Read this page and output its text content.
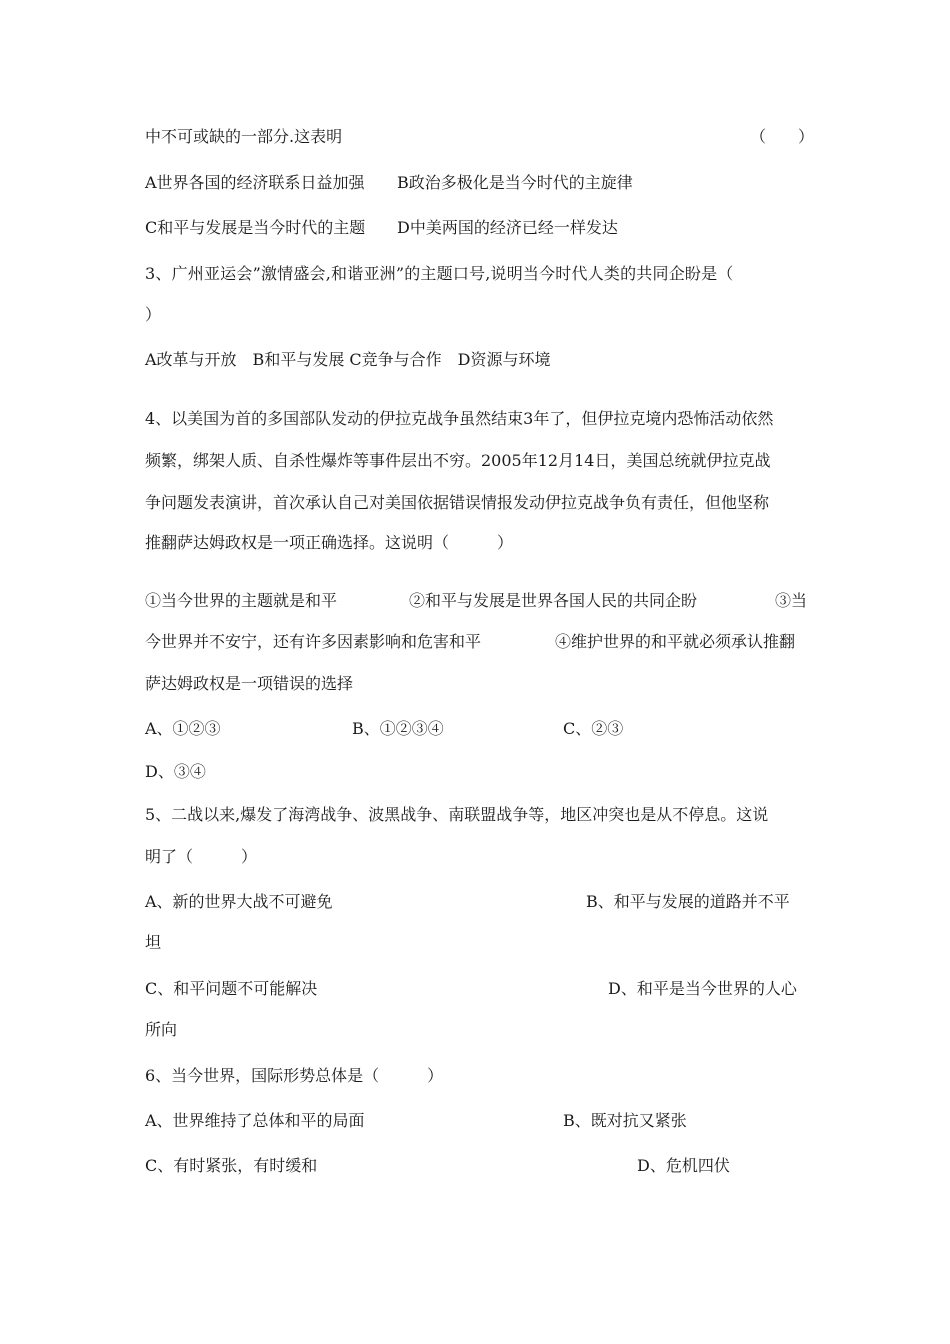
中不可或缺的一部分.这表明	（　　）
A世界各国的经济联系日益加强 B政治多极化是当今时代的主旋律
C和平与发展是当今时代的主题 D中美两国的经济已经一样发达
3、广州亚运会”激情盛会,和谐亚洲”的主题口号,说明当今时代人类的共同企盼是（
）
A改革与开放　B和平与发展 C竞争与合作　D资源与环境
4、以美国为首的多国部队发动的伊拉克战争虽然结束3年了，但伊拉克境内恐怖活动依然
频繁，绑架人质、自杀性爆炸等事件层出不穷。2005年12月14日，美国总统就伊拉克战
争问题发表演讲，首次承认自己对美国依据错误情报发动伊拉克战争负有责任，但他坚称
推翻萨达姆政权是一项正确选择。这说明（　　　）
①当今世界的主题就是和平	②和平与发展是世界各国人民的共同企盼	③当
今世界并不安宁，还有许多因素影响和危害和平	④维护世界的和平就必须承认推翻
萨达姆政权是一项错误的选择
A、①②③	B、①②③④	C、②③
D、③④
5、二战以来,爆发了海湾战争、波黑战争、南联盟战争等，地区冲突也是从不停息。这说
明了（　　　）
A、新的世界大战不可避免	B、和平与发展的道路并不平
坦
C、和平问题不可能解决	D、和平是当今世界的人心
所向
6、当今世界，国际形势总体是（　　　）
A、世界维持了总体和平的局面	B、既对抗又紧张
C、有时紧张，有时缓和	D、危机四伏
